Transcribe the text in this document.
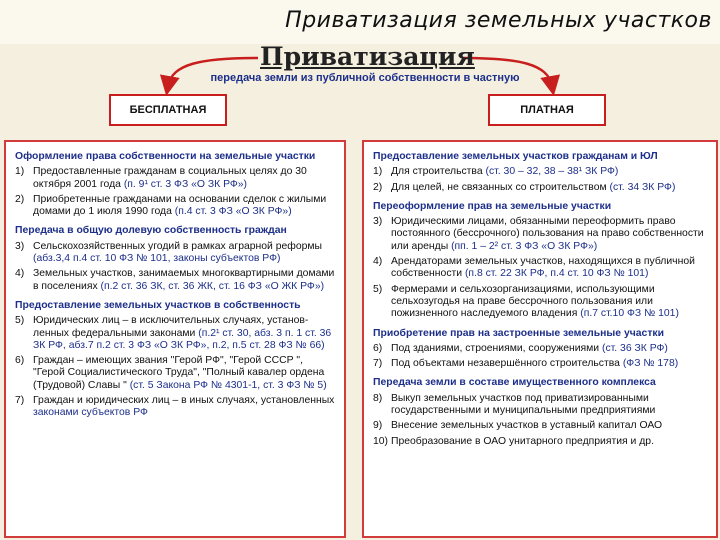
Приватизация земельных участков
Приватизация
передача земли из публичной собственности в частную
БЕСПЛАТНАЯ	ПЛАТНАЯ
Оформление права собственности на земельные участки
1) Предоставленные гражданам в социальных целях до 30 октября 2001 года (п. 9¹ ст. 3 ФЗ «О ЗК РФ»)
2) Приобретенные гражданами на основании сделок с жилыми домами до 1 июля 1990 года (п.4 ст. 3 ФЗ «О ЗК РФ»)
Передача в общую долевую собственность граждан
3) Сельскохозяйственных угодий в рамках аграрной реформы (абз.3,4 п.4 ст. 10 ФЗ № 101, законы субъектов РФ)
4) Земельных участков, занимаемых многоквартирными домами в поселениях (п.2 ст. 36 ЗК, ст. 36 ЖК, ст. 16 ФЗ «О ЖК РФ»)
Предоставление земельных участков в собственность
5) Юридических лиц – в исключительных случаях, установ-ленных федеральными законами (п.2¹ ст. 30, абз. 3 п. 1 ст. 36 ЗК РФ, абз.7 п.2 ст. 3 ФЗ «О ЗК РФ», п.2, п.5 ст. 28 ФЗ № 66)
6) Граждан – имеющих звания "Герой РФ", "Герой СССР ", "Герой Социалистического Труда", "Полный кавалер ордена (Трудовой) Славы " (ст. 5 Закона РФ № 4301-1, ст. 3 ФЗ № 5)
7) Граждан и юридических лиц – в иных случаях, установленных законами субъектов РФ
Предоставление земельных участков гражданам и ЮЛ
1) Для строительства (ст. 30 – 32, 38 – 38¹ ЗК РФ)
2) Для целей, не связанных со строительством (ст. 34 ЗК РФ)
Переоформление прав на земельные участки
3) Юридическими лицами, обязанными переоформить право постоянного (бессрочного) пользования на право собственности или аренды (пп. 1 – 2² ст. 3 ФЗ «О ЗК РФ»)
4) Арендаторами земельных участков, находящихся в публичной собственности (п.8 ст. 22 ЗК РФ, п.4 ст. 10 ФЗ № 101)
5) Фермерами и сельхозорганизациями, использующими сельхозугодья на праве бессрочного пользования или пожизненного наследуемого владения (п.7 ст.10 ФЗ № 101)
Приобретение прав на застроенные земельные участки
6) Под зданиями, строениями, сооружениями (ст. 36 ЗК РФ)
7) Под объектами незавершённого строительства (ФЗ № 178)
Передача земли в составе имущественного комплекса
8) Выкуп земельных участков под приватизированными государственными и муниципальными предприятиями
9) Внесение земельных участков в уставный капитал ОАО
10) Преобразование в ОАО унитарного предприятия и др.
